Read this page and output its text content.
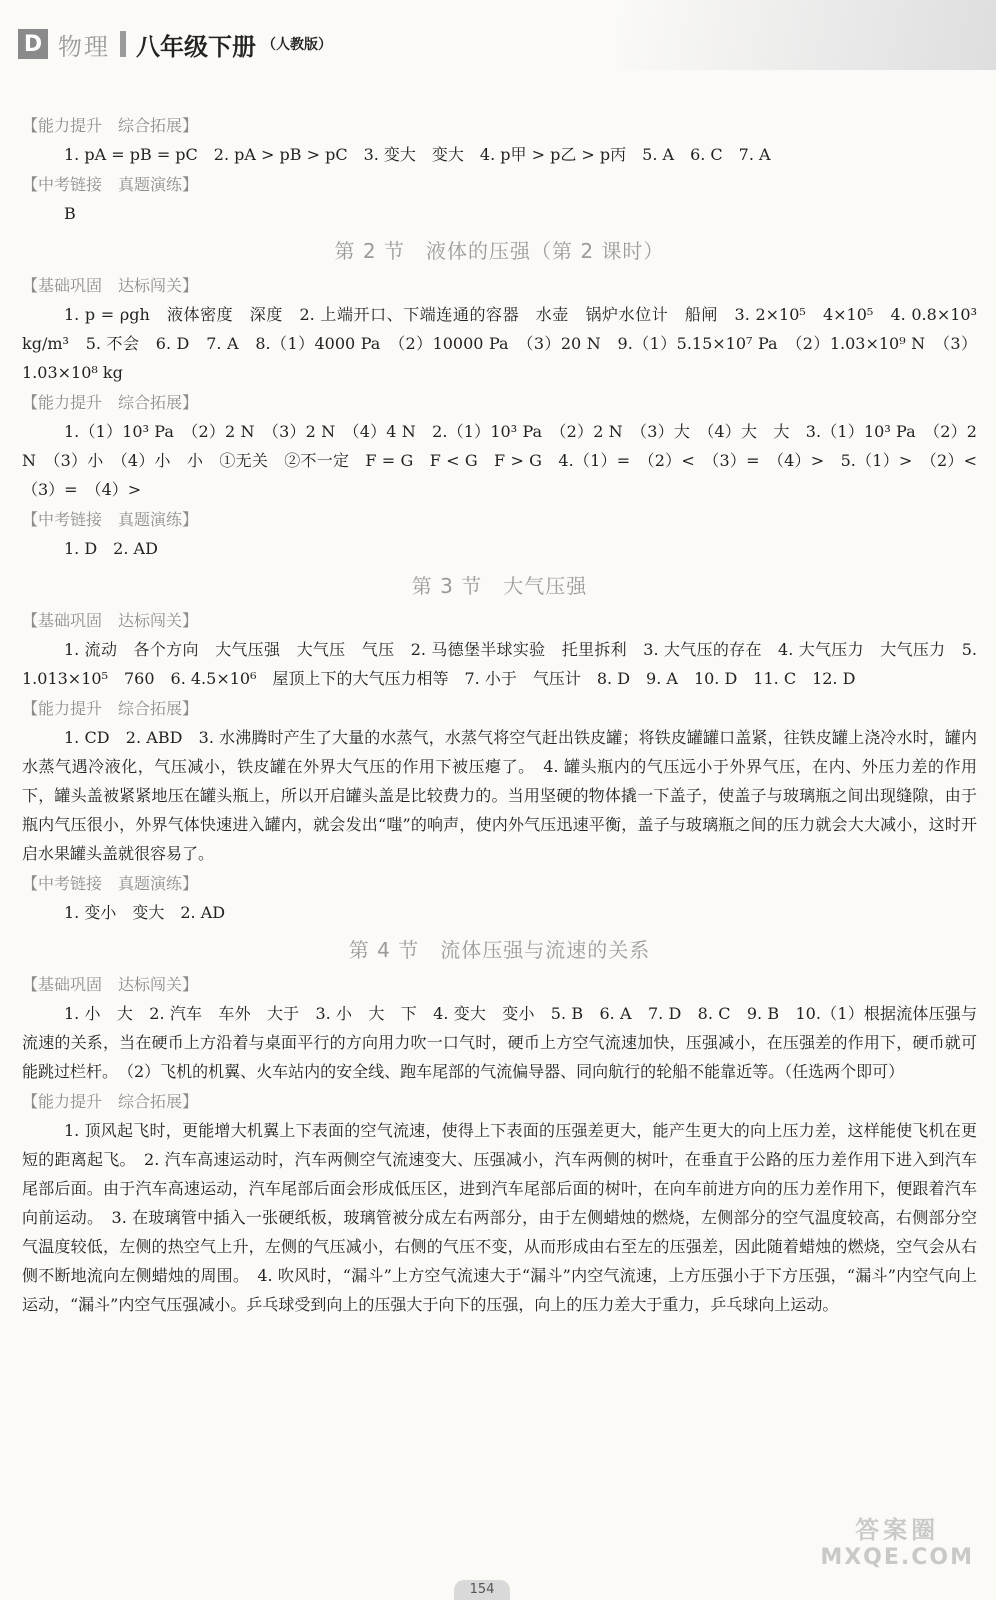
D 物理 八年级下册 （人教版）
【能力提升　综合拓展】
1. pA = pB = pC　2. pA > pB > pC　3. 变大　变大　4. p甲 > p乙 > p丙　5. A　6. C　7. A
【中考链接　真题演练】
B
第 2 节　液体的压强（第 2 课时）
【基础巩固　达标闯关】
1. p = ρgh　液体密度　深度　2. 上端开口、下端连通的容器　水壶　锅炉水位计　船闸　3. 2×10⁵　4×10⁵　4. 0.8×10³ kg/m³　5. 不会　6. D　7. A　8.（1）4000 Pa　（2）10000 Pa　（3）20 N　9.（1）5.15×10⁷ Pa　（2）1.03×10⁹ N　（3）1.03×10⁸ kg
【能力提升　综合拓展】
1.（1）10³ Pa　（2）2 N　（3）2 N　（4）4 N　2.（1）10³ Pa　（2）2 N　（3）大　（4）大　大　3.（1）10³ Pa　（2）2 N　（3）小　（4）小　小　①无关　②不一定　F = G　F < G　F > G　4.（1）=　（2）<　（3）=　（4）>　5.（1）>　（2）<　（3）=　（4）>
【中考链接　真题演练】
1. D　2. AD
第 3 节　大气压强
【基础巩固　达标闯关】
1. 流动　各个方向　大气压强　大气压　气压　2. 马德堡半球实验　托里拆利　3. 大气压的存在　4. 大气压力　大气压力　5. 1.013×10⁵　760　6. 4.5×10⁶　屋顶上下的大气压力相等　7. 小于　气压计　8. D　9. A　10. D　11. C　12. D
【能力提升　综合拓展】
1. CD　2. ABD　3. 水沸腾时产生了大量的水蒸气，水蒸气将空气赶出铁皮罐；将铁皮罐罐口盖紧，往铁皮罐上浇冷水时，罐内水蒸气遇冷液化，气压减小，铁皮罐在外界大气压的作用下被压瘪了。　4. 罐头瓶内的气压远小于外界气压，在内、外压力差的作用下，罐头盖被紧紧地压在罐头瓶上，所以开启罐头盖是比较费力的。当用坚硬的物体撬一下盖子，使盖子与玻璃瓶之间出现缝隙，由于瓶内气压很小，外界气体快速进入罐内，就会发出“嗤”的响声，使内外气压迅速平衡，盖子与玻璃瓶之间的压力就会大大减小，这时开启水果罐头盖就很容易了。
【中考链接　真题演练】
1. 变小　变大　2. AD
第 4 节　流体压强与流速的关系
【基础巩固　达标闯关】
1. 小　大　2. 汽车　车外　大于　3. 小　大　下　4. 变大　变小　5. B　6. A　7. D　8. C　9. B　10.（1）根据流体压强与流速的关系，当在硬币上方沿着与桌面平行的方向用力吹一口气时，硬币上方空气流速加快，压强减小，在压强差的作用下，硬币就可能跳过栏杆。　（2）飞机的机翼、火车站内的安全线、跑车尾部的气流偏导器、同向航行的轮船不能靠近等。（任选两个即可）
【能力提升　综合拓展】
1. 顶风起飞时，更能增大机翼上下表面的空气流速，使得上下表面的压强差更大，能产生更大的向上压力差，这样能使飞机在更短的距离起飞。　2. 汽车高速运动时，汽车两侧空气流速变大、压强减小，汽车两侧的树叶，在垂直于公路的压力差作用下进入到汽车尾部后面。由于汽车高速运动，汽车尾部后面会形成低压区，进到汽车尾部后面的树叶，在向车前进方向的压力差作用下，便跟着汽车向前运动。　3. 在玻璃管中插入一张硬纸板，玻璃管被分成左右两部分，由于左侧蜡烛的燃烧，左侧部分的空气温度较高，右侧部分空气温度较低，左侧的热空气上升，左侧的气压减小，右侧的气压不变，从而形成由右至左的压强差，因此随着蜡烛的燃烧，空气会从右侧不断地流向左侧蜡烛的周围。　4. 吹风时，“漏斗”上方空气流速大于“漏斗”内空气流速，上方压强小于下方压强，“漏斗”内空气向上运动，“漏斗”内空气压强减小。乒乓球受到向上的压强大于向下的压强，向上的压力差大于重力，乒乓球向上运动。
154
答案圈
MXQE.COM
